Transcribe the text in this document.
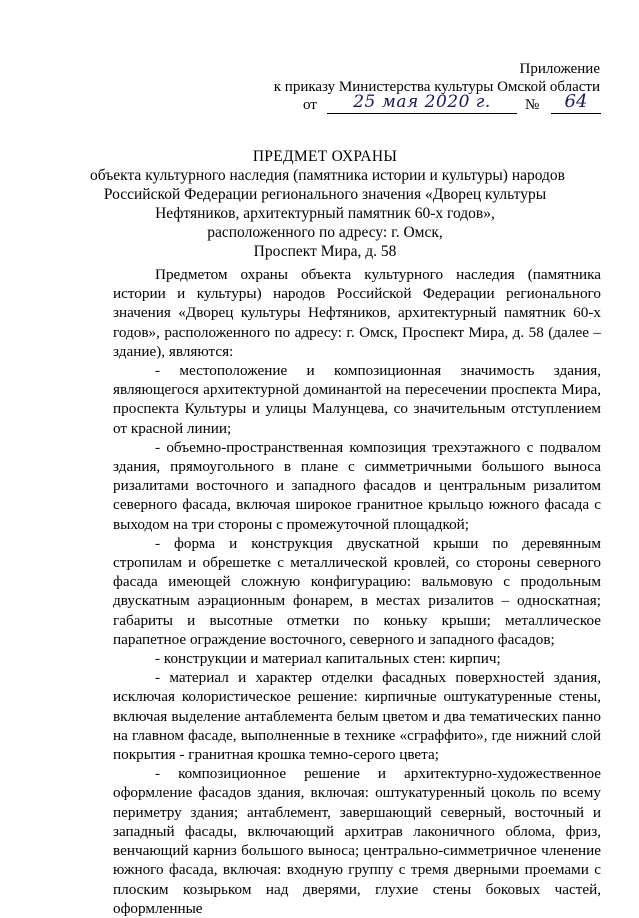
Приложение
к приказу Министерства культуры Омской области
от	25 мая 2020 г.	№	64
ПРЕДМЕТ ОХРАНЫ
объекта культурного наследия (памятника истории и культуры) народов
Российской Федерации регионального значения «Дворец культуры
Нефтяников, архитектурный памятник 60-х годов»,
расположенного по адресу: г. Омск,
Проспект Мира, д. 58

Предметом охраны объекта культурного наследия (памятника истории и культуры) народов Российской Федерации регионального значения «Дворец культуры Нефтяников, архитектурный памятник 60-х годов», расположенного по адресу: г. Омск, Проспект Мира, д. 58 (далее – здание), являются:

- местоположение и композиционная значимость здания, являющегося архитектурной доминантой на пересечении проспекта Мира, проспекта Культуры и улицы Малунцева, со значительным отступлением от красной линии;

- объемно-пространственная композиция трехэтажного с подвалом здания, прямоугольного в плане с симметричными большого выноса ризалитами восточного и западного фасадов и центральным ризалитом северного фасада, включая широкое гранитное крыльцо южного фасада с выходом на три стороны с промежуточной площадкой;

- форма и конструкция двускатной крыши по деревянным стропилам и обрешетке с металлической кровлей, со стороны северного фасада имеющей сложную конфигурацию: вальмовую с продольным двускатным аэрационным фонарем, в местах ризалитов – односкатная; габариты и высотные отметки по коньку крыши; металлическое парапетное ограждение восточного, северного и западного фасадов;

- конструкции и материал капитальных стен: кирпич;

- материал и характер отделки фасадных поверхностей здания, исключая колористическое решение: кирпичные оштукатуренные стены, включая выделение антаблемента белым цветом и два тематических панно на главном фасаде, выполненные в технике «сграффито», где нижний слой покрытия - гранитная крошка темно-серого цвета;

- композиционное решение и архитектурно-художественное оформление фасадов здания, включая: оштукатуренный цоколь по всему периметру здания; антаблемент, завершающий северный, восточный и западный фасады, включающий архитрав лаконичного облома, фриз, венчающий карниз большого выноса; центрально-симметричное членение южного фасада, включая: входную группу с тремя дверными проемами с плоским козырьком над дверями, глухие стены боковых частей, оформленные
